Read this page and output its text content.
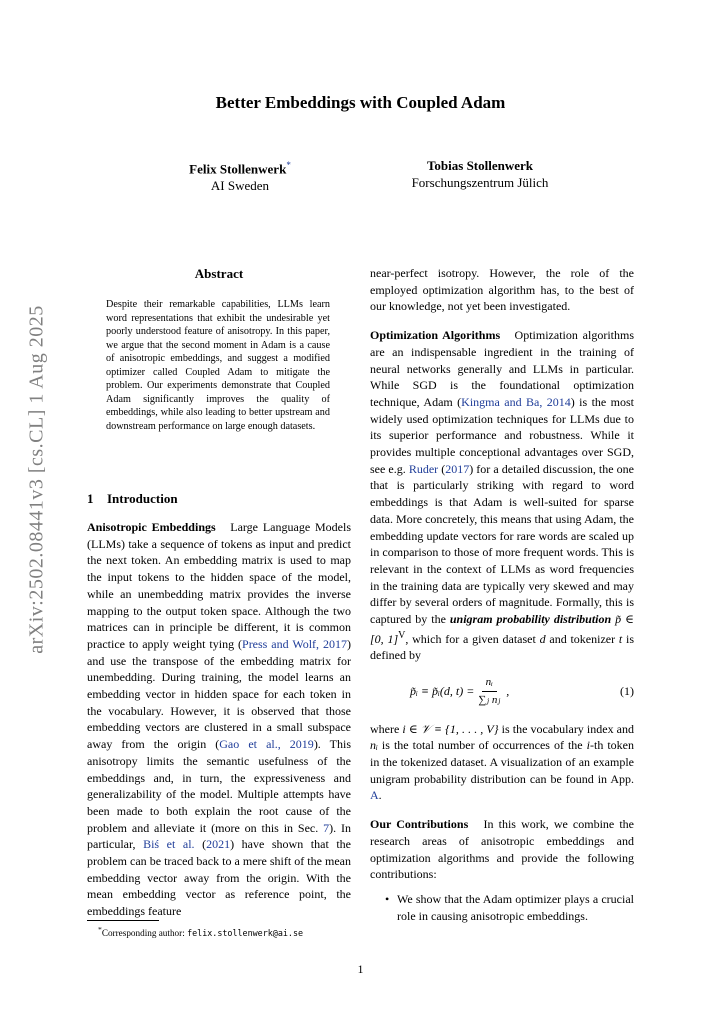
Better Embeddings with Coupled Adam
Felix Stollenwerk*
AI Sweden
Tobias Stollenwerk
Forschungszentrum Jülich
arXiv:2502.08441v3 [cs.CL] 1 Aug 2025
Abstract
Despite their remarkable capabilities, LLMs learn word representations that exhibit the undesirable yet poorly understood feature of anisotropy. In this paper, we argue that the second moment in Adam is a cause of anisotropic embeddings, and suggest a modified optimizer called Coupled Adam to mitigate the problem. Our experiments demonstrate that Coupled Adam significantly improves the quality of embeddings, while also leading to better upstream and downstream performance on large enough datasets.
1 Introduction

Anisotropic Embeddings Large Language Models (LLMs) take a sequence of tokens as input and predict the next token. An embedding matrix is used to map the input tokens to the hidden space of the model, while an unembedding matrix provides the inverse mapping to the output token space. Although the two matrices can in principle be different, it is common practice to apply weight tying (Press and Wolf, 2017) and use the transpose of the embedding matrix for unembedding. During training, the model learns an embedding vector in hidden space for each token in the vocabulary. However, it is observed that those embedding vectors are clustered in a small subspace away from the origin (Gao et al., 2019). This anisotropy limits the semantic usefulness of the embeddings and, in turn, the expressiveness and generalizability of the model. Multiple attempts have been made to both explain the root cause of the problem and alleviate it (more on this in Sec. 7). In particular, Biś et al. (2021) have shown that the problem can be traced back to a mere shift of the mean embedding vector away from the origin. With the mean embedding vector as reference point, the embeddings feature

near-perfect isotropy. However, the role of the employed optimization algorithm has, to the best of our knowledge, not yet been investigated.

Optimization Algorithms Optimization algorithms are an indispensable ingredient in the training of neural networks generally and LLMs in particular. While SGD is the foundational optimization technique, Adam (Kingma and Ba, 2014) is the most widely used optimization techniques for LLMs due to its superior performance and robustness. While it provides multiple conceptional advantages over SGD, see e.g. Ruder (2017) for a detailed discussion, the one that is particularly striking with regard to word embeddings is that Adam is well-suited for sparse data. More concretely, this means that using Adam, the embedding update vectors for rare words are scaled up in comparison to those of more frequent words. This is relevant in the context of LLMs as word frequencies in the training data are typically very skewed and may differ by several orders of magnitude. Formally, this is captured by the unigram probability distribution p̃ ∈ [0, 1]$^V$, which for a given dataset d and tokenizer t is defined by

p̃ᵢ ≡ p̃ᵢ(d, $t) = \frac{\text{nᵢ}}{\text{∑ⱼ nⱼ}}$ ,	(1)

where i ∈ 𝒱 ≡ {1, . . . , V} is the vocabulary index and nᵢ is the total number of occurrences of the i-th token in the tokenized dataset. A visualization of an example unigram probability distribution can be found in App. A.

Our Contributions In this work, we combine the research areas of anisotropic embeddings and optimization algorithms and provide the following contributions:

• We show that the Adam optimizer plays a crucial role in causing anisotropic embeddings.
*Corresponding author: felix.stollenwerk@ai.se
1
